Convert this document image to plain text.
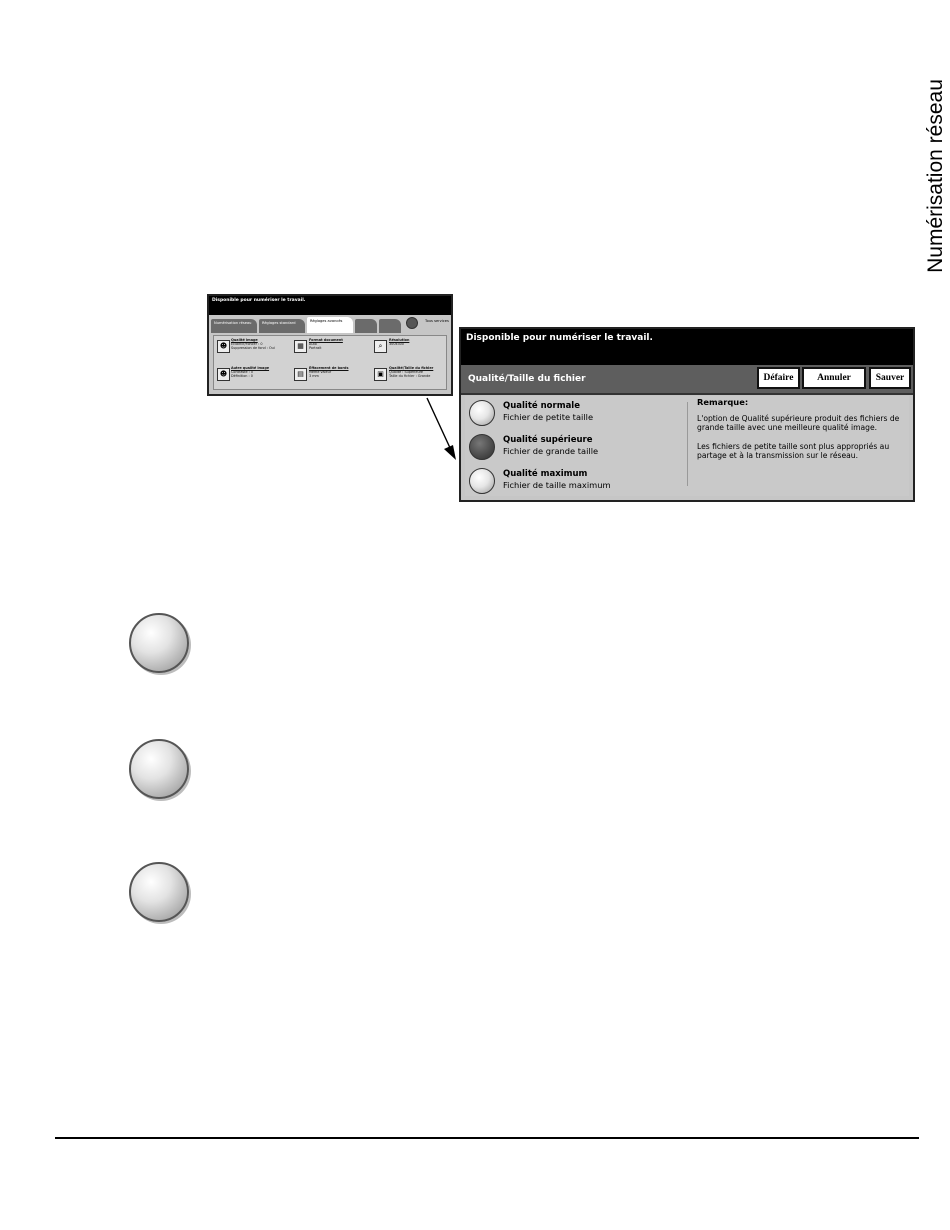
Numérisation réseau
Disponible pour numériser le travail.
Numérisation réseau	Réglages standard	Réglages avancés	Tous services
☻
Qualité image
Éclaircir/Foncer : 0
Suppression de fond : Oui	▦
Format document
Auto
Portrait	⌕
Résolution
300x300
☻
Autre qualité image
Contraste : 0
Définition : 0	▤
Effacement de bords
Même valeur
3 mm	▣
Qualité/Taille du fichier
Qualité : Supérieure
Taille du fichier : Grande
Disponible pour numériser le travail.
Qualité/Taille du fichier	Défaire	Annuler	Sauver
Qualité normale
Fichier de petite taille
Qualité supérieure
Fichier de grande taille
Qualité maximum
Fichier de taille maximum
Remarque:

L'option de Qualité supérieure produit des fichiers de grande taille avec une meilleure qualité image.

Les fichiers de petite taille sont plus appropriés au partage et à la transmission sur le réseau.
